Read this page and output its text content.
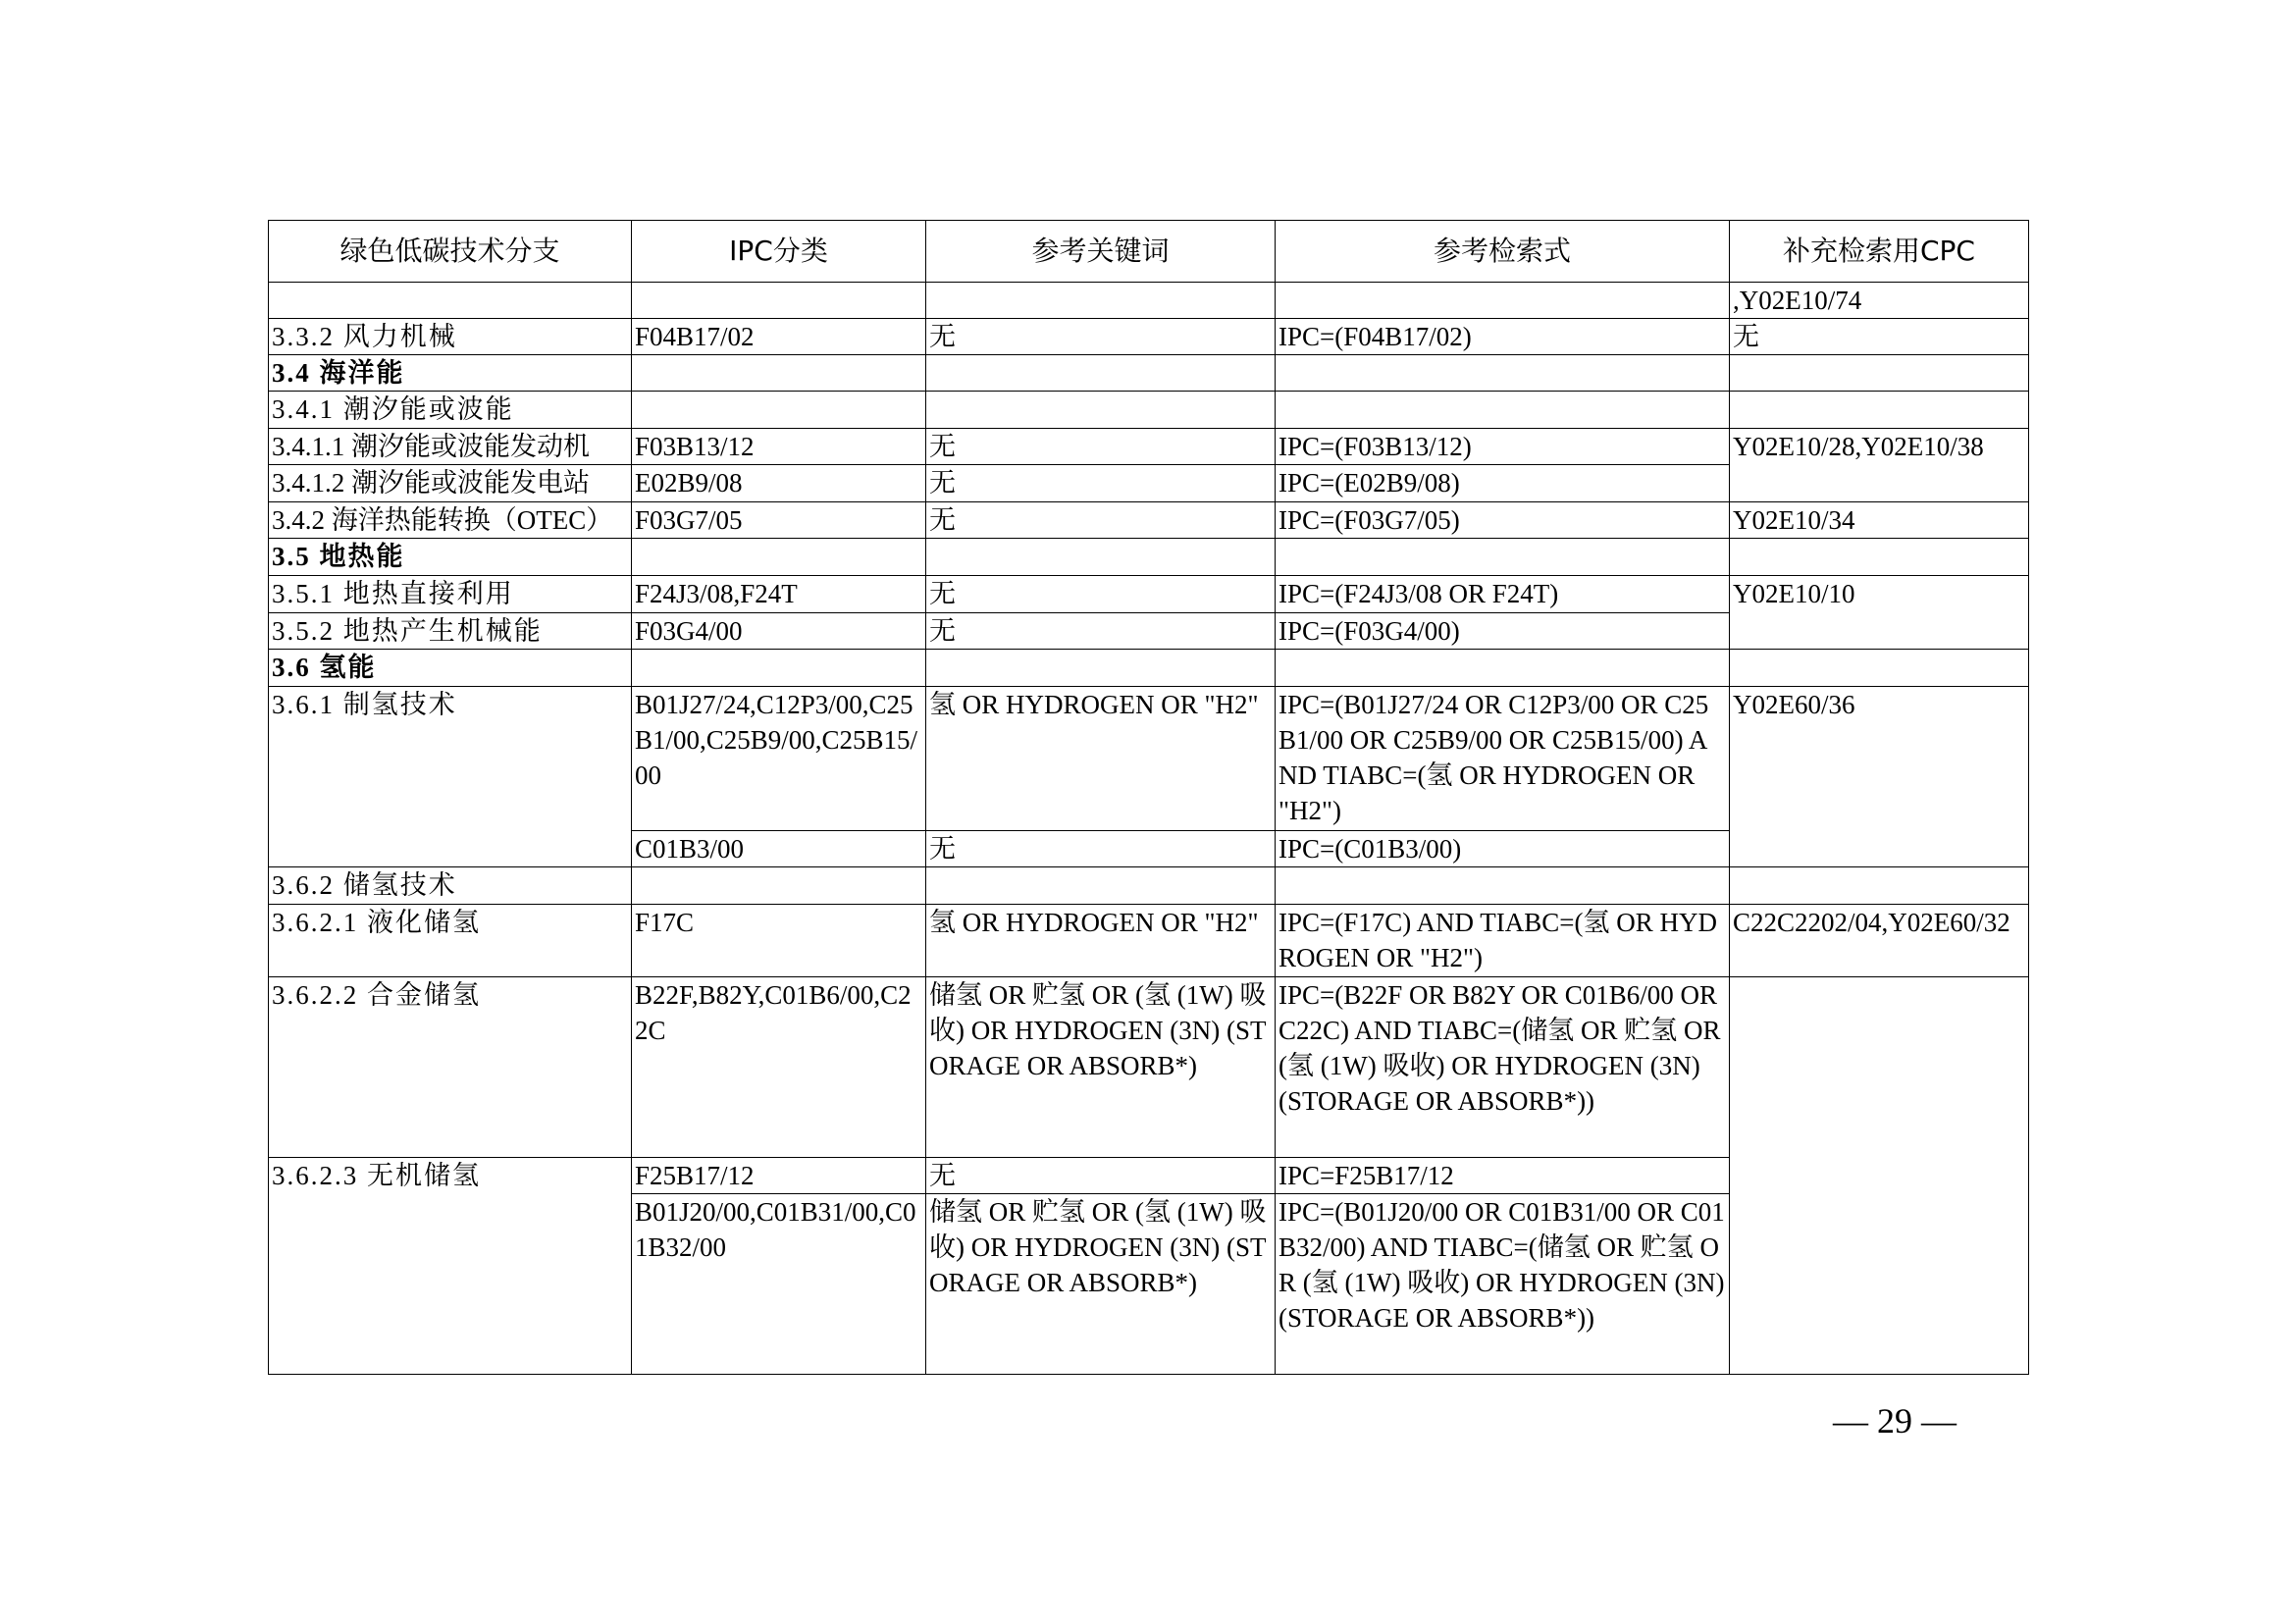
绿色低碳技术分支	IPC分类	参考关键词	参考检索式	补充检索用CPC
				,Y02E10/74
3.3.2 风力机械	F04B17/02	无	IPC=(F04B17/02)	无
3.4 海洋能				
3.4.1 潮汐能或波能				
3.4.1.1 潮汐能或波能发动机	F03B13/12	无	IPC=(F03B13/12)	Y02E10/28,Y02E10/38
3.4.1.2 潮汐能或波能发电站	E02B9/08	无	IPC=(E02B9/08)	
3.4.2 海洋热能转换（OTEC）	F03G7/05	无	IPC=(F03G7/05)	Y02E10/34
3.5 地热能				
3.5.1 地热直接利用	F24J3/08,F24T	无	IPC=(F24J3/08 OR F24T)	Y02E10/10
3.5.2 地热产生机械能	F03G4/00	无	IPC=(F03G4/00)	
3.6 氢能				
3.6.1 制氢技术	B01J27/24,C12P3/00,C25B1/00,C25B9/00,C25B15/00	氢 OR HYDROGEN OR "H2"	IPC=(B01J27/24 OR C12P3/00 OR C25B1/00 OR C25B9/00 OR C25B15/00) AND TIABC=(氢 OR HYDROGEN OR "H2")	Y02E60/36
	C01B3/00	无	IPC=(C01B3/00)	
3.6.2 储氢技术				
3.6.2.1 液化储氢	F17C	氢 OR HYDROGEN OR "H2"	IPC=(F17C) AND TIABC=(氢 OR HYDROGEN OR "H2")	C22C2202/04,Y02E60/32
3.6.2.2 合金储氢	B22F,B82Y,C01B6/00,C22C	储氢 OR 贮氢 OR (氢 (1W) 吸收) OR HYDROGEN (3N) (STORAGE OR ABSORB*)	IPC=(B22F OR B82Y OR C01B6/00 OR C22C) AND TIABC=(储氢 OR 贮氢 OR (氢 (1W) 吸收) OR HYDROGEN (3N) (STORAGE OR ABSORB*))	
3.6.2.3 无机储氢	F25B17/12	无	IPC=F25B17/12	
	B01J20/00,C01B31/00,C01B32/00	储氢 OR 贮氢 OR (氢 (1W) 吸收) OR HYDROGEN (3N) (STORAGE OR ABSORB*)	IPC=(B01J20/00 OR C01B31/00 OR C01B32/00) AND TIABC=(储氢 OR 贮氢 OR (氢 (1W) 吸收) OR HYDROGEN (3N) (STORAGE OR ABSORB*))	
— 29 —
